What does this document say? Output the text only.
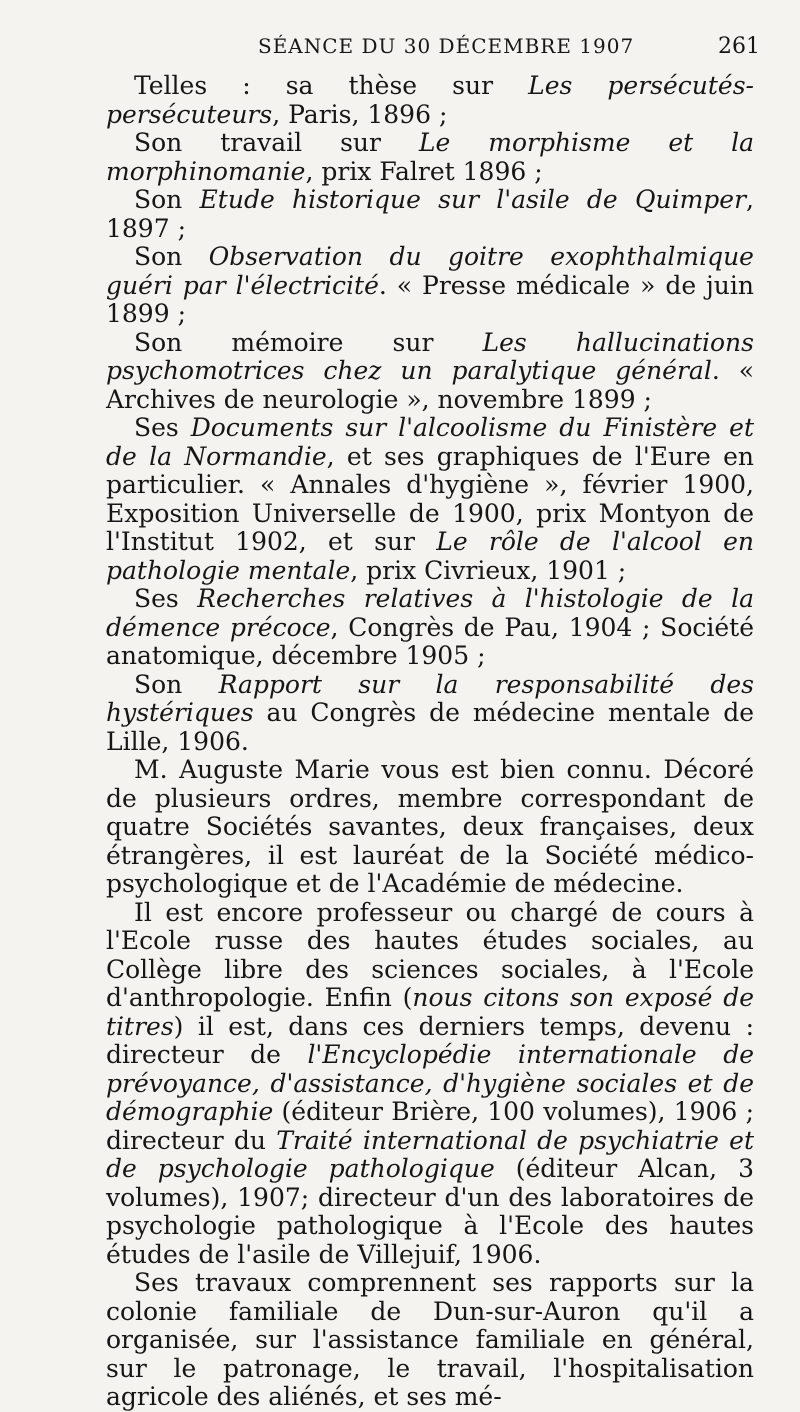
SÉANCE DU 30 DÉCEMBRE 1907	261

Telles : sa thèse sur Les persécutés-persécuteurs, Paris, 1896 ;

Son travail sur Le morphisme et la morphinomanie, prix Falret 1896 ;

Son Etude historique sur l'asile de Quimper, 1897 ;

Son Observation du goitre exophthalmique guéri par l'électricité. « Presse médicale » de juin 1899 ;

Son mémoire sur Les hallucinations psychomotrices chez un paralytique général. « Archives de neurologie », novembre 1899 ;

Ses Documents sur l'alcoolisme du Finistère et de la Normandie, et ses graphiques de l'Eure en particulier. « Annales d'hygiène », février 1900, Exposition Universelle de 1900, prix Montyon de l'Institut 1902, et sur Le rôle de l'alcool en pathologie mentale, prix Civrieux, 1901 ;

Ses Recherches relatives à l'histologie de la démence précoce, Congrès de Pau, 1904 ; Société anatomique, décembre 1905 ;

Son Rapport sur la responsabilité des hystériques au Congrès de médecine mentale de Lille, 1906.

M. Auguste Marie vous est bien connu. Décoré de plusieurs ordres, membre correspondant de quatre Sociétés savantes, deux françaises, deux étrangères, il est lauréat de la Société médico-psychologique et de l'Académie de médecine.

Il est encore professeur ou chargé de cours à l'Ecole russe des hautes études sociales, au Collège libre des sciences sociales, à l'Ecole d'anthropologie. Enfin (nous citons son exposé de titres) il est, dans ces derniers temps, devenu : directeur de l'Encyclopédie internationale de prévoyance, d'assistance, d'hygiène sociales et de démographie (éditeur Brière, 100 volumes), 1906 ; directeur du Traité international de psychiatrie et de psychologie pathologique (éditeur Alcan, 3 volumes), 1907; directeur d'un des laboratoires de psychologie pathologique à l'Ecole des hautes études de l'asile de Villejuif, 1906.

Ses travaux comprennent ses rapports sur la colonie familiale de Dun-sur-Auron qu'il a organisée, sur l'assistance familiale en général, sur le patronage, le travail, l'hospitalisation agricole des aliénés, et ses mé-
